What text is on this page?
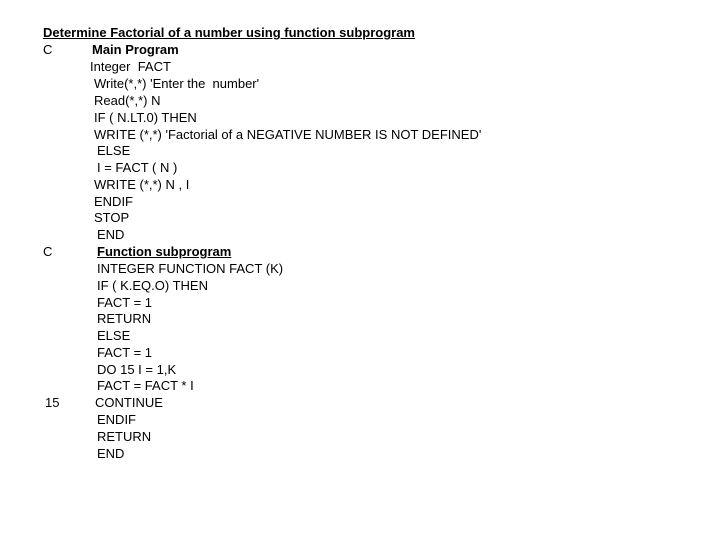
Determine Factorial of a number using function subprogram
C	Main Program
Integer  FACT
Write(*,*) 'Enter the  number'
Read(*,*) N
IF ( N.LT.0) THEN
WRITE (*,*) 'Factorial of a NEGATIVE NUMBER IS NOT DEFINED'
ELSE
I = FACT ( N )
WRITE (*,*) N , I
ENDIF
STOP
END
C	Function subprogram
INTEGER FUNCTION FACT (K)
IF ( K.EQ.O) THEN
FACT = 1
RETURN
ELSE
FACT = 1
DO 15 I = 1,K
FACT = FACT * I
15	CONTINUE
ENDIF
RETURN
END
